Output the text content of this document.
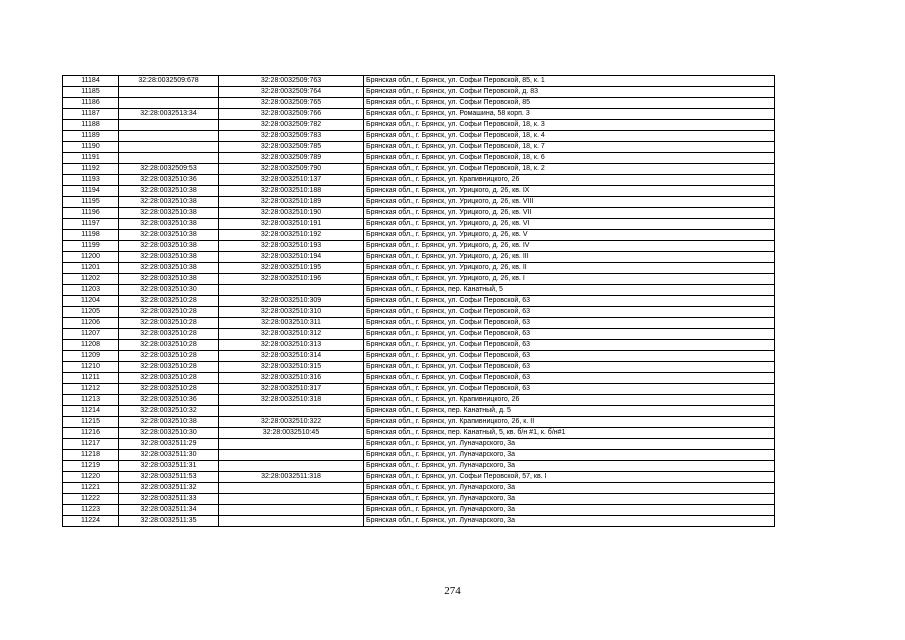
11184	32:28:0032509:678	32:28:0032509:763	Брянская обл., г. Брянск, ул. Софьи Перовской, 85, к. 1
11185		32:28:0032509:764	Брянская обл., г. Брянск, ул. Софьи Перовской, д. 83
11186		32:28:0032509:765	Брянская обл., г. Брянск, ул. Софьи Перовской, 85
11187	32:28:0032513:34	32:28:0032509:766	Брянская обл., г. Брянск, ул. Ромашина, 58 корп. 3
11188		32:28:0032509:782	Брянская обл., г. Брянск, ул. Софьи Перовской, 18, к. 3
11189		32:28:0032509:783	Брянская обл., г. Брянск, ул. Софьи Перовской, 18, к. 4
11190		32:28:0032509:785	Брянская обл., г. Брянск, ул. Софьи Перовской, 18, к. 7
11191		32:28:0032509:789	Брянская обл., г. Брянск, ул. Софьи Перовской, 18, к. 6
11192	32:28:0032509:53	32:28:0032509:790	Брянская обл., г. Брянск, ул. Софьи Перовской, 18, к. 2
11193	32:28:0032510:36	32:28:0032510:137	Брянская обл., г. Брянск, ул. Крапивницкого, 26
11194	32:28:0032510:38	32:28:0032510:188	Брянская обл., г. Брянск, ул. Урицкого, д. 26, кв. IX
11195	32:28:0032510:38	32:28:0032510:189	Брянская обл., г. Брянск, ул. Урицкого, д. 26, кв. VIII
11196	32:28:0032510:38	32:28:0032510:190	Брянская обл., г. Брянск, ул. Урицкого, д. 26, кв. VII
11197	32:28:0032510:38	32:28:0032510:191	Брянская обл., г. Брянск, ул. Урицкого, д. 26, кв. VI
11198	32:28:0032510:38	32:28:0032510:192	Брянская обл., г. Брянск, ул. Урицкого, д. 26, кв. V
11199	32:28:0032510:38	32:28:0032510:193	Брянская обл., г. Брянск, ул. Урицкого, д. 26, кв. IV
11200	32:28:0032510:38	32:28:0032510:194	Брянская обл., г. Брянск, ул. Урицкого, д. 26, кв. III
11201	32:28:0032510:38	32:28:0032510:195	Брянская обл., г. Брянск, ул. Урицкого, д. 26, кв. II
11202	32:28:0032510:38	32:28:0032510:196	Брянская обл., г. Брянск, ул. Урицкого, д. 26, кв. I
11203	32:28:0032510:30		Брянская обл., г. Брянск, пер. Канатный, 5
11204	32:28:0032510:28	32:28:0032510:309	Брянская обл., г. Брянск, ул. Софьи Перовской, 63
11205	32:28:0032510:28	32:28:0032510:310	Брянская обл., г. Брянск, ул. Софьи Перовской, 63
11206	32:28:0032510:28	32:28:0032510:311	Брянская обл., г. Брянск, ул. Софьи Перовской, 63
11207	32:28:0032510:28	32:28:0032510:312	Брянская обл., г. Брянск, ул. Софьи Перовской, 63
11208	32:28:0032510:28	32:28:0032510:313	Брянская обл., г. Брянск, ул. Софьи Перовской, 63
11209	32:28:0032510:28	32:28:0032510:314	Брянская обл., г. Брянск, ул. Софьи Перовской, 63
11210	32:28:0032510:28	32:28:0032510:315	Брянская обл., г. Брянск, ул. Софьи Перовской, 63
11211	32:28:0032510:28	32:28:0032510:316	Брянская обл., г. Брянск, ул. Софьи Перовской, 63
11212	32:28:0032510:28	32:28:0032510:317	Брянская обл., г. Брянск, ул. Софьи Перовской, 63
11213	32:28:0032510:36	32:28:0032510:318	Брянская обл., г. Брянск, ул. Крапивницкого, 26
11214	32:28:0032510:32		Брянская обл., г. Брянск, пер. Канатный, д. 5
11215	32:28:0032510:38	32:28:0032510:322	Брянская обл., г. Брянск, ул. Крапивницкого, 26, к. II
11216	32:28:0032510:30	32:28:0032510:45	Брянская обл., г. Брянск, пер. Канатный, 5, кв. б/н #1, к. б/н#1
11217	32:28:0032511:29		Брянская обл., г. Брянск, ул. Луначарского, 3а
11218	32:28:0032511:30		Брянская обл., г. Брянск, ул. Луначарского, 3а
11219	32:28:0032511:31		Брянская обл., г. Брянск, ул. Луначарского, 3а
11220	32:28:0032511:53	32:28:0032511:318	Брянская обл., г. Брянск, ул. Софьи Перовской, 57, кв. I
11221	32:28:0032511:32		Брянская обл., г. Брянск, ул. Луначарского, 3а
11222	32:28:0032511:33		Брянская обл., г. Брянск, ул. Луначарского, 3а
11223	32:28:0032511:34		Брянская обл., г. Брянск, ул. Луначарского, 3а
11224	32:28:0032511:35		Брянская обл., г. Брянск, ул. Луначарского, 3а
274
